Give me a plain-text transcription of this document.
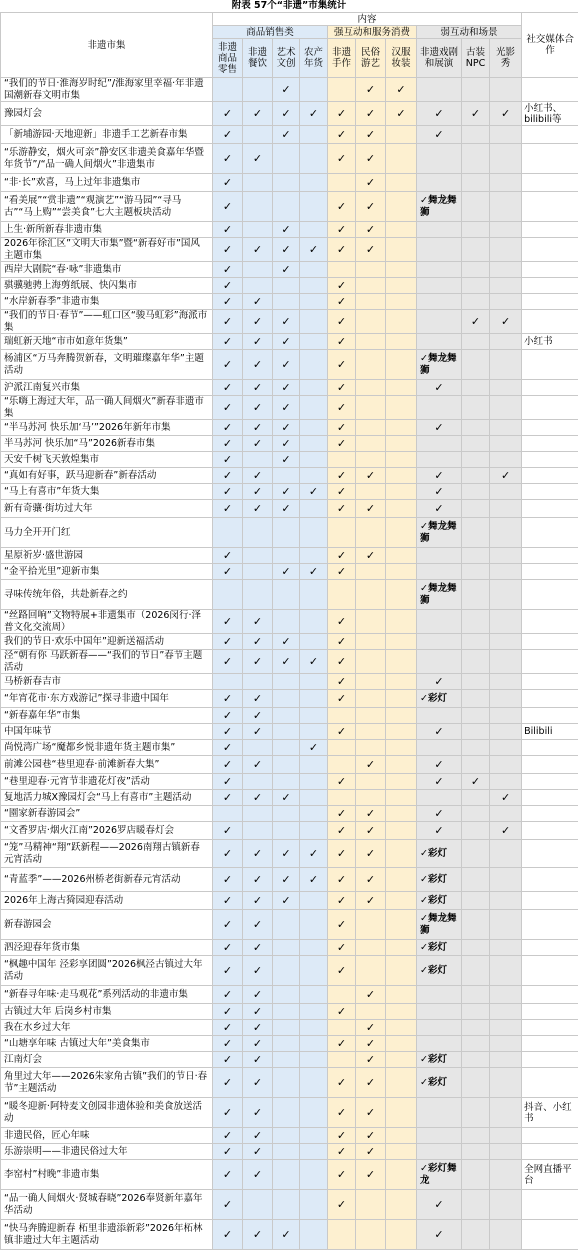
附表 57个“非遗”市集统计
非遗市集	内容										社交媒体合作
	商品销售类				强互动和服务消费			弱互动和场景			
	非遗商品零售	非遗餐饮	艺术文创	农产年货	非遗手作	民俗游艺	汉服妆装	非遗戏剧和展演	古装NPC	光影秀	
“我们的节日·淮海岁时纪”/淮海家里幸福·年非遗国潮新春文明市集			✓			✓	✓				
豫园灯会	✓	✓	✓	✓	✓	✓	✓	✓	✓	✓	小红书、bilibili等
「新埔游园·天地迎新」非遗手工艺新春市集	✓		✓		✓	✓		✓			
“乐游静安，烟火可亲”静安区非遗美食嘉年华暨年货节”/“品一确人间烟火”非遗集市	✓	✓			✓	✓					
“非·长”欢喜，马上过年非遗集市	✓					✓					
“看美展”“赏非遗”“观演艺”“游马园”“寻马古”“马上购”“尝美食”七大主题板块活动	✓				✓	✓		✓舞龙舞狮			
上生·新所新春非遗市集	✓		✓		✓	✓					
2026年徐汇区”文明大市集”暨“新春好市”国风主题市集	✓	✓	✓	✓	✓	✓					
西岸大剧院“春·咏”非遗集市	✓		✓								
骐骥驰骋上海剪纸展、快闪集市	✓				✓						
“水岸新春季”非遗市集	✓	✓			✓						
“我们的节日·春节”——虹口区“骏马虹彩”海派市集	✓	✓	✓		✓				✓	✓	
瑞虹新天地“市市如意年货集”	✓	✓	✓		✓						小红书
杨浦区“万马奔腾贺新春，文明璀璨嘉年华”主题活动	✓	✓	✓		✓			✓舞龙舞狮			
沪派江南复兴市集	✓	✓	✓		✓			✓			
“乐嗨上海过大年，品一确人间烟火”新春非遗市集	✓	✓	✓		✓						
“半马苏河 快乐加‘马’”2026年新年市集	✓	✓	✓		✓			✓			
半马苏河 快乐加“马”2026新春市集	✓	✓	✓		✓						
天安千树飞天敦煌集市	✓		✓								
“真如有好事，跃马迎新春”新春活动	✓	✓			✓	✓		✓		✓	
“马上有喜市”年货大集	✓	✓	✓	✓	✓			✓			
新有奇骧·街坊过大年	✓	✓	✓		✓	✓		✓			
马力全开开门红								✓舞龙舞狮			
星原祈岁·盛世游园	✓				✓	✓					
“金平拾光里”迎新市集	✓		✓	✓	✓						
寻味传统年俗，共赴新春之约								✓舞龙舞狮			
“丝路回响”文物特展+非遗集市（2026闵行·泽普文化交流周）	✓	✓			✓						
我们的节日·欢乐中国年”迎新送福活动	✓	✓	✓		✓						
泾“朝有你 马跃新春——“我们的节日”春节主题活动	✓	✓	✓	✓	✓						
马桥新春吉市					✓			✓			
“年宵花市·东方戏游记”探寻非遗中国年	✓	✓			✓			✓彩灯			
“新春嘉年华”市集	✓	✓									
中国年味节	✓	✓			✓			✓			Bilibili
尚悦湾广场“魔都乡悦非遗年货主题市集”	✓			✓							
前滩公园巷“巷里迎春·前滩新春大集”	✓	✓				✓		✓			
“巷里迎春·元宵节非遗花灯夜”活动	✓				✓			✓	✓		
复地活力城X豫园灯会“马上有喜市”主题活动	✓	✓	✓							✓	
“園家新春游园会”					✓	✓		✓			
“文香罗店·烟火江南”2026罗店暖春灯会	✓				✓	✓		✓		✓	
“笼”马精神“翔”跃新程——2026南翔古镇新春元宵活动	✓	✓	✓	✓	✓	✓		✓彩灯			
“青蓝季”——2026州桥老街新春元宵活动	✓	✓	✓	✓	✓	✓		✓彩灯			
2026年上海古猗园迎春活动	✓	✓	✓		✓	✓		✓彩灯			
新春游园会	✓	✓			✓			✓舞龙舞狮			
泗泾迎春年货市集	✓	✓			✓			✓彩灯			
“枫趣中国年 泾彩享团圆”2026枫泾古镇过大年活动	✓	✓			✓			✓彩灯			
“新春寻年味·走马观花”系列活动的非遗市集	✓	✓				✓					
古镇过大年 后岗乡村市集	✓	✓			✓						
我在水乡过大年	✓	✓				✓					
“山塘享年味 古镇过大年”美食集市	✓	✓			✓	✓					
江南灯会	✓	✓				✓		✓彩灯			
角里过大年——2026朱家角古镇”我们的节日·春节”主题活动	✓	✓			✓	✓		✓彩灯			
“暖冬迎新·阿特麦文创园非遗体验和美食放送活动	✓	✓			✓	✓					抖音、小红书
非遗民俗，匠心年味	✓	✓			✓	✓					
乐游崇明——非遗民俗过大年	✓	✓			✓	✓					
李窑村”村晚”非遗市集	✓	✓			✓	✓		✓彩灯舞龙			全网直播平台
“品一确人间烟火·贤城春晓”2026奉贤新年嘉年华活动	✓				✓			✓			
“快马奔腾迎新春 柘里非遗添新彩”2026年柘林镇非遗过大年主题活动	✓	✓	✓					✓			
